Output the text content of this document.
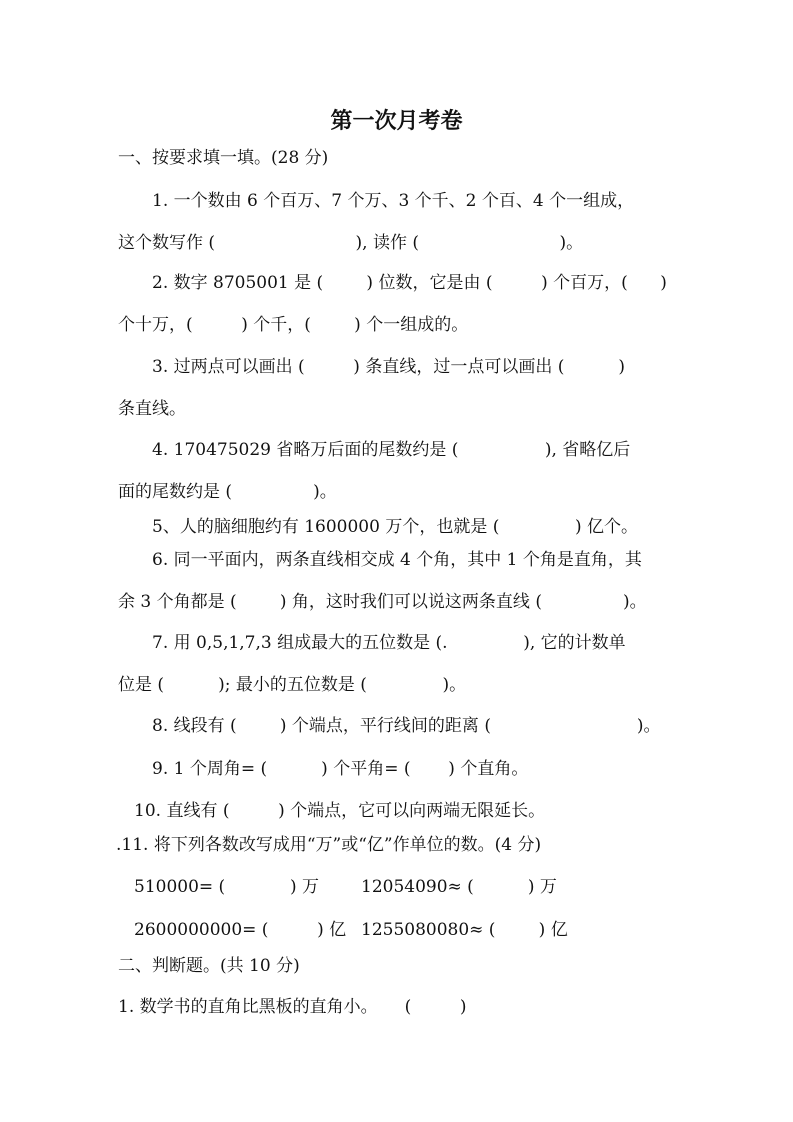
第一次月考卷
一、按要求填一填。(28 分)
1. 一个数由 6 个百万、7 个万、3 个千、2 个百、4 个一组成，
这个数写作 (                          ), 读作 (                          )。
2. 数字 8705001 是 (        ) 位数，它是由 (         ) 个百万，(      )
个十万，(         ) 个千，(        ) 个一组成的。
3. 过两点可以画出 (         ) 条直线，过一点可以画出 (          )
条直线。
4. 170475029 省略万后面的尾数约是 (                ), 省略亿后
面的尾数约是 (               )。
5、人的脑细胞约有 1600000 万个，也就是 (              ) 亿个。
6. 同一平面内，两条直线相交成 4 个角，其中 1 个角是直角，其
余 3 个角都是 (        ) 角，这时我们可以说这两条直线 (               )。
7. 用 0,5,1,7,3 组成最大的五位数是 (.              ), 它的计数单
位是 (          ); 最小的五位数是 (              )。
8. 线段有 (        ) 个端点，平行线间的距离 (                           )。
9. 1 个周角= (          ) 个平角= (       ) 个直角。
10. 直线有 (         ) 个端点，它可以向两端无限延长。
.11. 将下列各数改写成用“万”或“亿”作单位的数。(4 分)
510000= (            ) 万 12054090≈ (          ) 万
2600000000= (         ) 亿 1255080080≈ (        ) 亿
二、判断题。(共 10 分)
1. 数学书的直角比黑板的直角小。     (         )
